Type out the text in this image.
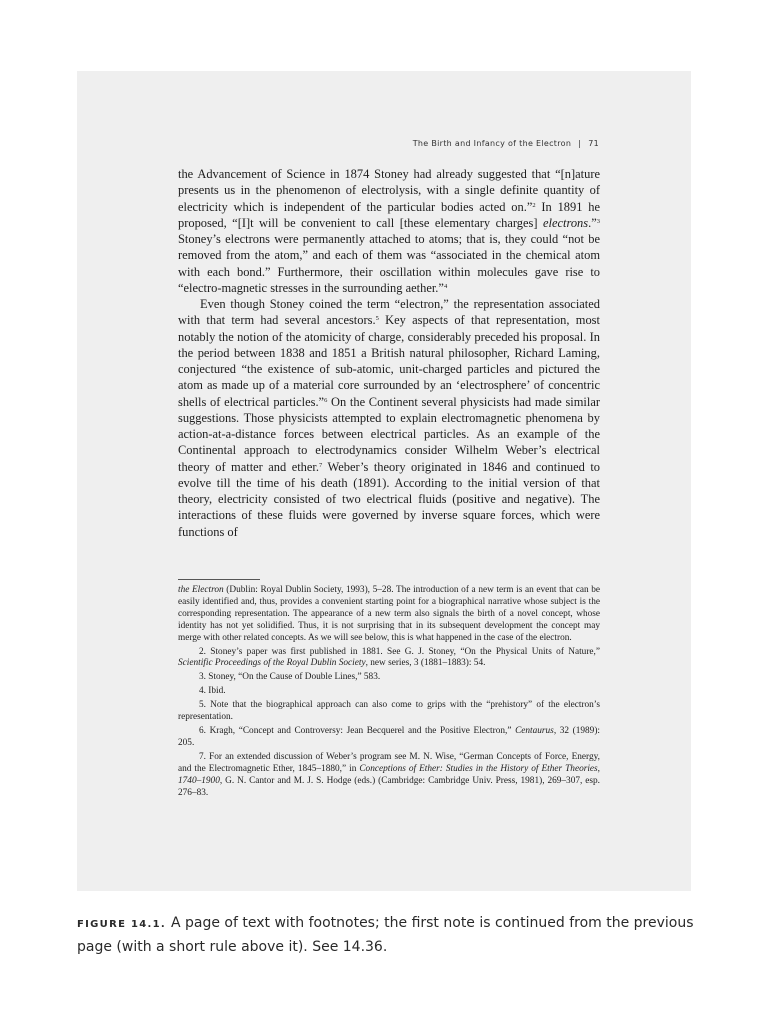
The Birth and Infancy of the Electron | 71

the Advancement of Science in 1874 Stoney had already suggested that “[n]ature presents us in the phenomenon of electrolysis, with a single definite quantity of electricity which is independent of the particular bodies acted on.”$^2$ In 1891 he proposed, “[I]t will be convenient to call [these elementary charges] electrons.”$^3$ Stoney’s electrons were permanently attached to atoms; that is, they could “not be removed from the atom,” and each of them was “associated in the chemical atom with each bond.” Furthermore, their oscillation within molecules gave rise to “electro-magnetic stresses in the surrounding aether.”$^4$

Even though Stoney coined the term “electron,” the representation associated with that term had several ancestors.$^5$ Key aspects of that representation, most notably the notion of the atomicity of charge, considerably preceded his proposal. In the period between 1838 and 1851 a British natural philosopher, Richard Laming, conjectured “the existence of sub-atomic, unit-charged particles and pictured the atom as made up of a material core surrounded by an ‘electrosphere’ of concentric shells of electrical particles.”$^6$ On the Continent several physicists had made similar suggestions. Those physicists attempted to explain electromagnetic phenomena by action-at-a-distance forces between electrical particles. As an example of the Continental approach to electrodynamics consider Wilhelm Weber’s electrical theory of matter and ether.$^7$ Weber’s theory originated in 1846 and continued to evolve till the time of his death (1891). According to the initial version of that theory, electricity consisted of two electrical fluids (positive and negative). The interactions of these fluids were governed by inverse square forces, which were functions of

the Electron (Dublin: Royal Dublin Society, 1993), 5–28. The introduction of a new term is an event that can be easily identified and, thus, provides a convenient starting point for a biographical narrative whose subject is the corresponding representation. The appearance of a new term also signals the birth of a novel concept, whose identity has not yet solidified. Thus, it is not surprising that in its subsequent development the concept may merge with other related concepts. As we will see below, this is what happened in the case of the electron.

2. Stoney’s paper was first published in 1881. See G. J. Stoney, “On the Physical Units of Nature,” Scientific Proceedings of the Royal Dublin Society, new series, 3 (1881–1883): 54.

3. Stoney, “On the Cause of Double Lines,” 583.

4. Ibid.

5. Note that the biographical approach can also come to grips with the “prehistory” of the electron’s representation.

6. Kragh, “Concept and Controversy: Jean Becquerel and the Positive Electron,” Centaurus, 32 (1989): 205.

7. For an extended discussion of Weber’s program see M. N. Wise, “German Concepts of Force, Energy, and the Electromagnetic Ether, 1845–1880,” in Conceptions of Ether: Studies in the History of Ether Theories, 1740–1900, G. N. Cantor and M. J. S. Hodge (eds.) (Cambridge: Cambridge Univ. Press, 1981), 269–307, esp. 276–83.

FIGURE 14.1. A page of text with footnotes; the first note is continued from the previous page (with a short rule above it). See 14.36.
